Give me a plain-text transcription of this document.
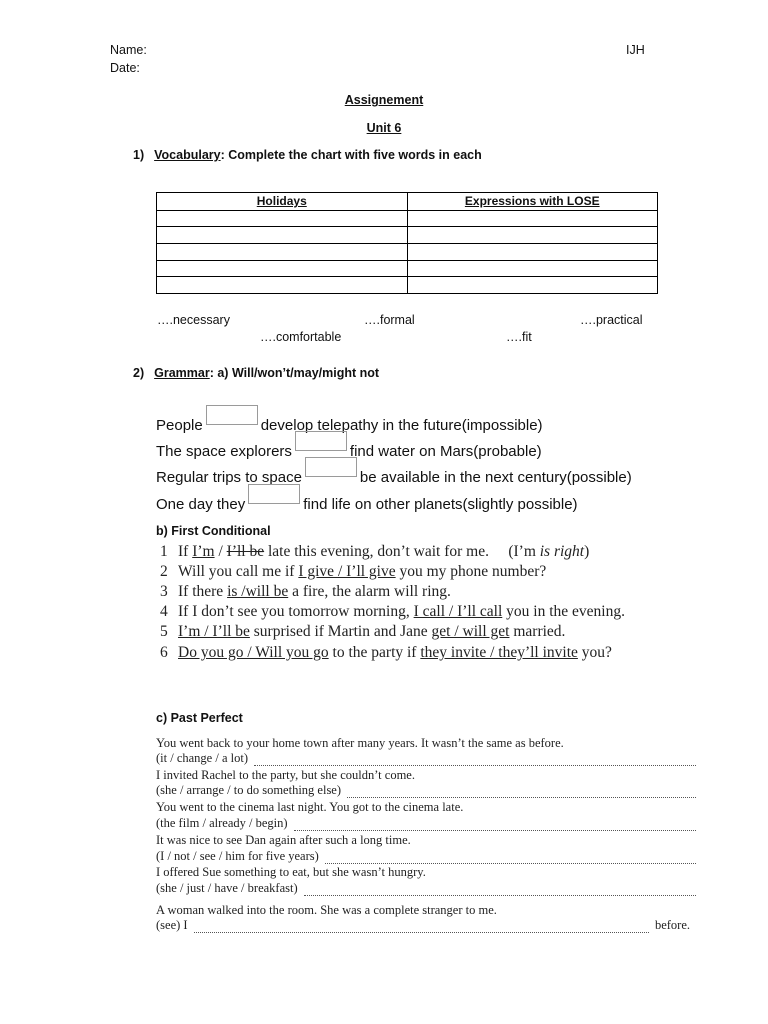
Name:
Date:
IJH
Assignement
Unit 6
1) Vocabulary: Complete the chart with five words in each
Holidays	Expressions with LOSE

….necessary	….formal	….practical
….comfortable	….fit
2) Grammar: a) Will/won’t/may/might not
People	develop telepathy in the future(impossible)
The space explorers	find water on Mars(probable)
Regular trips to space	be available in the next century(possible)
One day they	find life on other planets(slightly possible)
b) First Conditional
1 If I’m / I’ll be late this evening, don’t wait for me. (I’m is right)
2 Will you call me if I give / I’ll give you my phone number?
3 If there is /will be a fire, the alarm will ring.
4 If I don’t see you tomorrow morning, I call / I’ll call you in the evening.
5 I’m / I’ll be surprised if Martin and Jane get / will get married.
6 Do you go / Will you go to the party if they invite / they’ll invite you?
c) Past Perfect
You went back to your home town after many years. It wasn’t the same as before.
(it / change / a lot)
I invited Rachel to the party, but she couldn’t come.
(she / arrange / to do something else)
You went to the cinema last night. You got to the cinema late.
(the film / already / begin)
It was nice to see Dan again after such a long time.
(I / not / see / him for five years)
I offered Sue something to eat, but she wasn’t hungry.
(she / just / have / breakfast)
A woman walked into the room. She was a complete stranger to me.
(see) I	before.
